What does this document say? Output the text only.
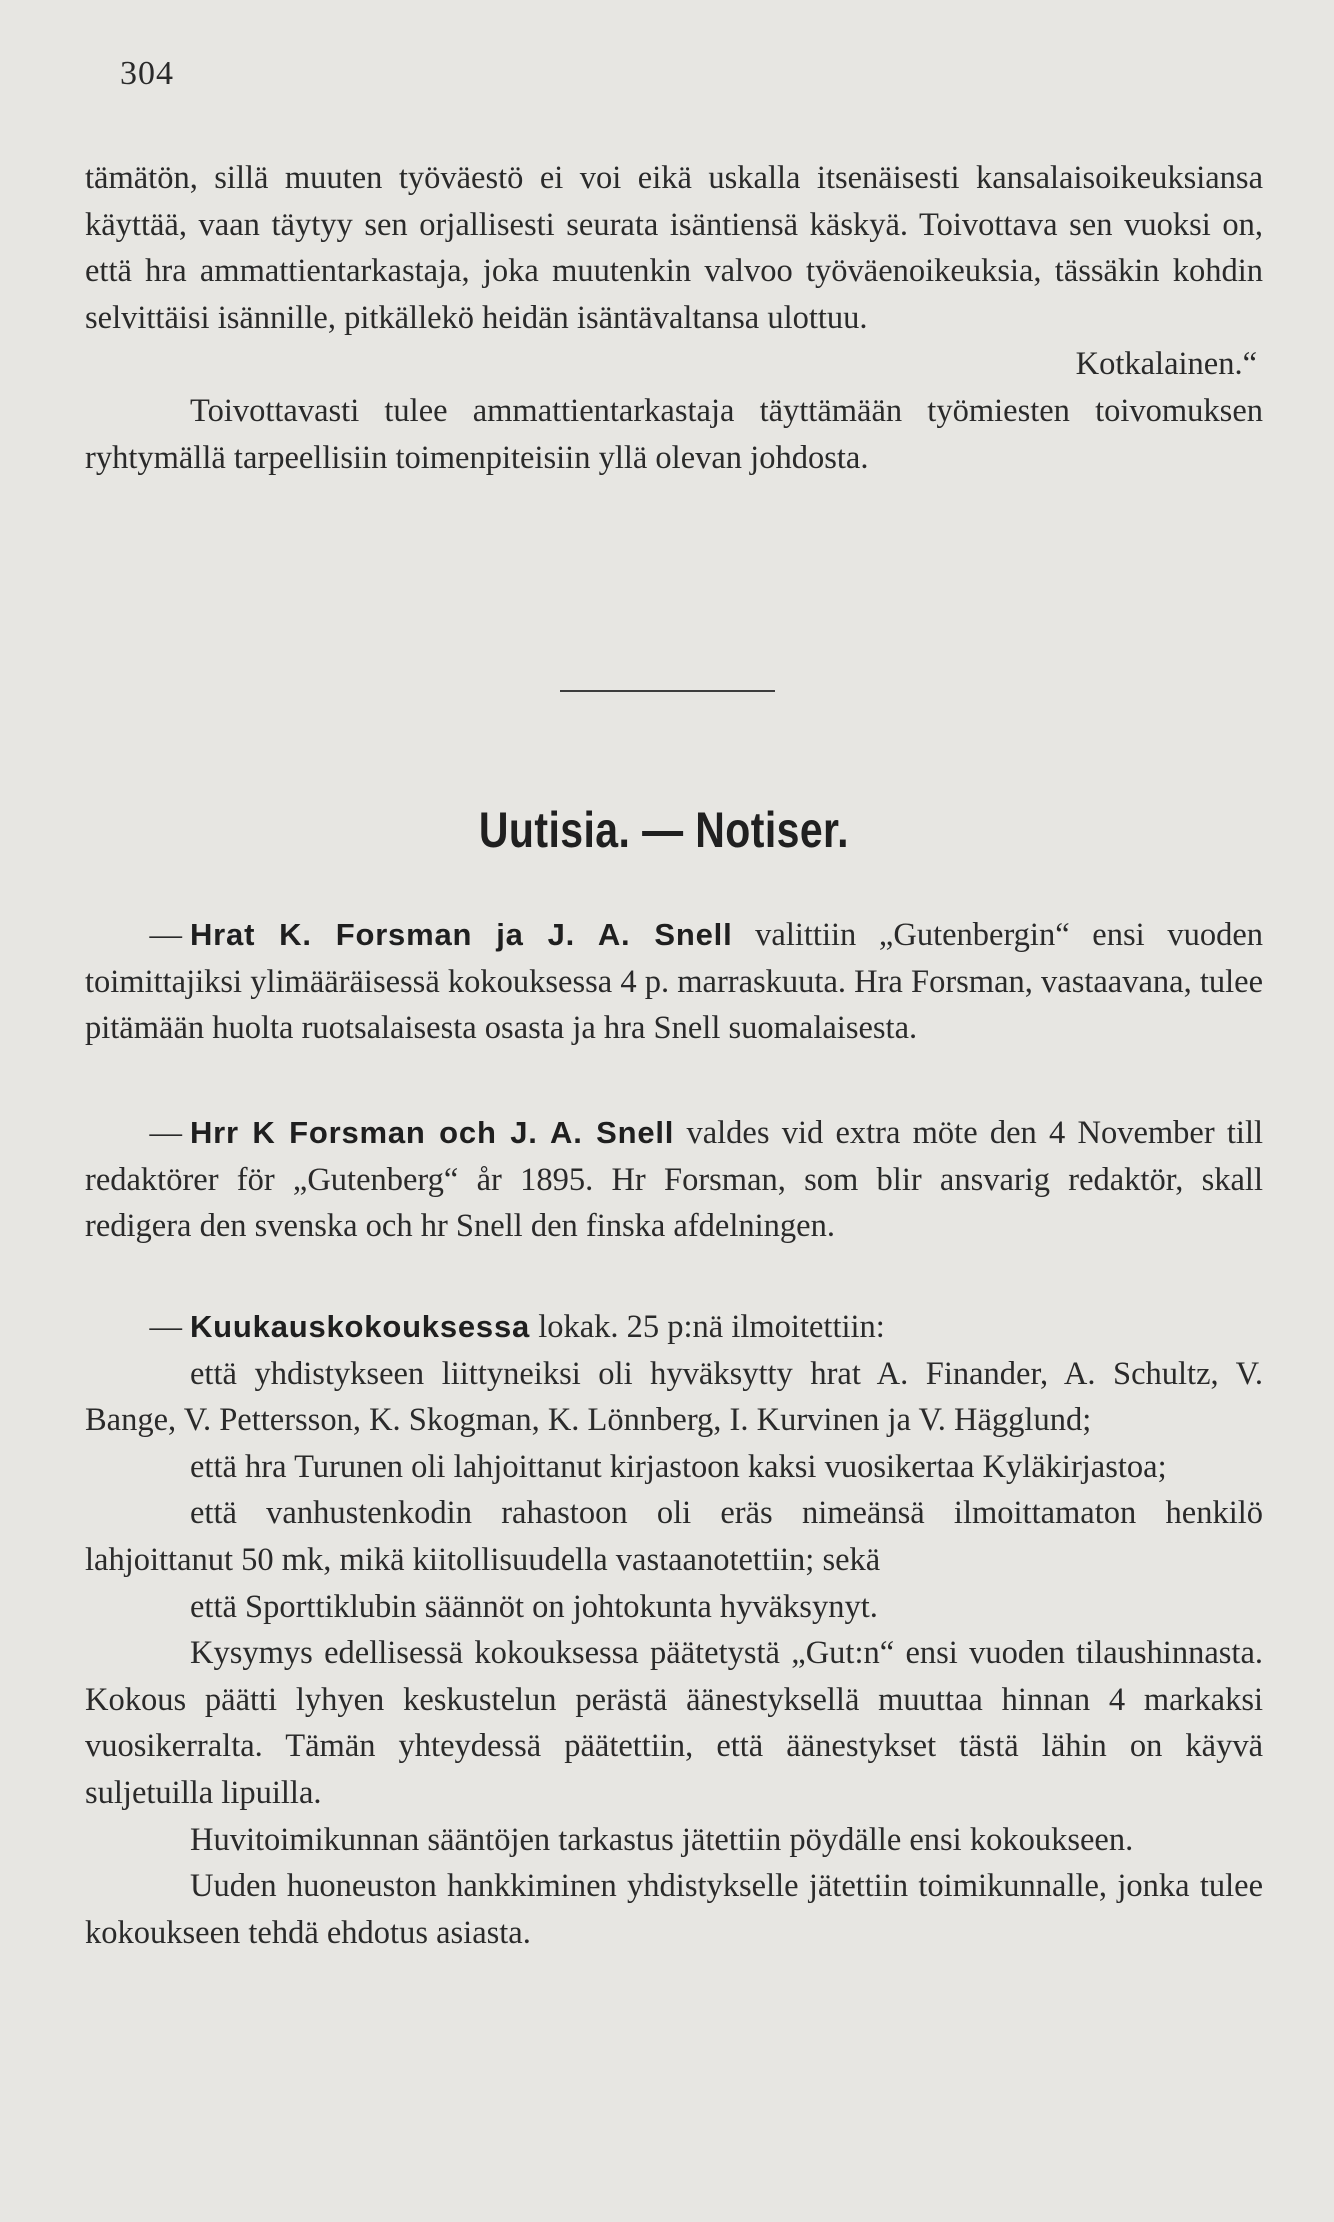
304

tämätön, sillä muuten työväestö ei voi eikä uskalla itsenäisesti kansalaisoikeuksiansa käyttää, vaan täytyy sen orjallisesti seurata isäntiensä käskyä. Toivottava sen vuoksi on, että hra ammattientarkastaja, joka muutenkin valvoo työväenoikeuksia, tässäkin kohdin selvittäisi isännille, pitkällekö heidän isäntävaltansa ulottuu.

Kotkalainen.“

Toivottavasti tulee ammattientarkastaja täyttämään työmiesten toivomuksen ryhtymällä tarpeellisiin toimenpiteisiin yllä olevan johdosta.

Uutisia. — Notiser.

— Hrat K. Forsman ja J. A. Snell valittiin „Gutenbergin“ ensi vuoden toimittajiksi ylimääräisessä kokouksessa 4 p. marraskuuta. Hra Forsman, vastaavana, tulee pitämään huolta ruotsalaisesta osasta ja hra Snell suomalaisesta.

— Hrr K Forsman och J. A. Snell valdes vid extra möte den 4 November till redaktörer för „Gutenberg“ år 1895. Hr Forsman, som blir ansvarig redaktör, skall redigera den svenska och hr Snell den finska afdelningen.

— Kuukauskokouksessa lokak. 25 p:nä ilmoitettiin:

että yhdistykseen liittyneiksi oli hyväksytty hrat A. Finander, A. Schultz, V. Bange, V. Pettersson, K. Skogman, K. Lönnberg, I. Kurvinen ja V. Hägglund;

että hra Turunen oli lahjoittanut kirjastoon kaksi vuosikertaa Kyläkirjastoa;

että vanhustenkodin rahastoon oli eräs nimeänsä ilmoittamaton henkilö lahjoittanut 50 mk, mikä kiitollisuudella vastaanotettiin; sekä

että Sporttiklubin säännöt on johtokunta hyväksynyt.

Kysymys edellisessä kokouksessa päätetystä „Gut:n“ ensi vuoden tilaushinnasta. Kokous päätti lyhyen keskustelun perästä äänestyksellä muuttaa hinnan 4 markaksi vuosikerralta. Tämän yhteydessä päätettiin, että äänestykset tästä lähin on käyvä suljetuilla lipuilla.

Huvitoimikunnan sääntöjen tarkastus jätettiin pöydälle ensi kokoukseen.

Uuden huoneuston hankkiminen yhdistykselle jätettiin toimikunnalle, jonka tulee kokoukseen tehdä ehdotus asiasta.
